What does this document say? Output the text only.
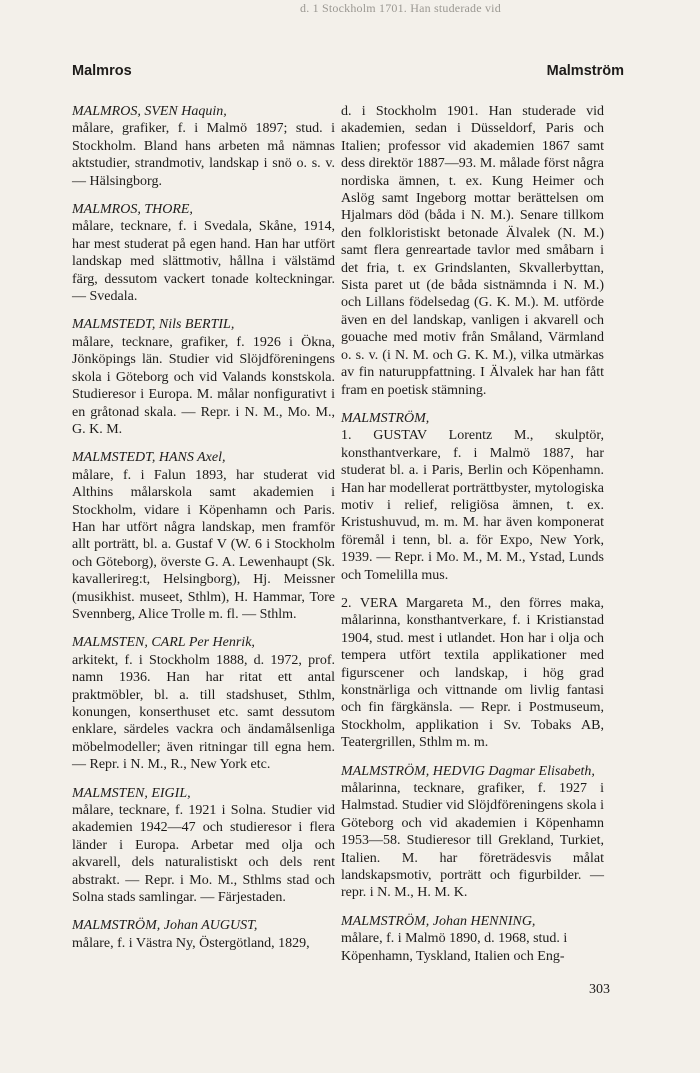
d. 1 Stockholm 1701. Han studerade vid
Malmros	Malmström
MALMROS, SVEN Haquin,
målare, grafiker, f. i Malmö 1897; stud. i Stockholm. Bland hans arbeten må nämnas aktstudier, strandmotiv, landskap i snö o. s. v. — Hälsingborg.
MALMROS, THORE,
målare, tecknare, f. i Svedala, Skåne, 1914, har mest studerat på egen hand. Han har utfört landskap med slättmotiv, hållna i välstämd färg, dessutom vackert tonade kolteckningar. — Svedala.
MALMSTEDT, Nils BERTIL,
målare, tecknare, grafiker, f. 1926 i Ökna, Jönköpings län. Studier vid Slöjdföreningens skola i Göteborg och vid Valands konstskola. Studieresor i Europa. M. målar nonfigurativt i en gråtonad skala. — Repr. i N. M., Mo. M., G. K. M.
MALMSTEDT, HANS Axel,
målare, f. i Falun 1893, har studerat vid Althins målarskola samt akademien i Stockholm, vidare i Köpenhamn och Paris. Han har utfört några landskap, men framför allt porträtt, bl. a. Gustaf V (W. 6 i Stockholm och Göteborg), överste G. A. Lewenhaupt (Sk. kavallerireg:t, Helsingborg), Hj. Meissner (musikhist. museet, Sthlm), H. Hammar, Tore Svennberg, Alice Trolle m. fl. — Sthlm.
MALMSTEN, CARL Per Henrik,
arkitekt, f. i Stockholm 1888, d. 1972, prof. namn 1936. Han har ritat ett antal praktmöbler, bl. a. till stadshuset, Sthlm, konungen, konserthuset etc. samt dessutom enklare, särdeles vackra och ändamålsenliga möbelmodeller; även ritningar till egna hem. — Repr. i N. M., R., New York etc.
MALMSTEN, EIGIL,
målare, tecknare, f. 1921 i Solna. Studier vid akademien 1942—47 och studieresor i flera länder i Europa. Arbetar med olja och akvarell, dels naturalistiskt och dels rent abstrakt. — Repr. i Mo. M., Sthlms stad och Solna stads samlingar. — Färjestaden.
MALMSTRÖM, Johan AUGUST,
målare, f. i Västra Ny, Östergötland, 1829,
d. i Stockholm 1901. Han studerade vid akademien, sedan i Düsseldorf, Paris och Italien; professor vid akademien 1867 samt dess direktör 1887—93. M. målade först några nordiska ämnen, t. ex. Kung Heimer och Aslög samt Ingeborg mottar berättelsen om Hjalmars död (båda i N. M.). Senare tillkom den folkloristiskt betonade Älvalek (N. M.) samt flera genreartade tavlor med småbarn i det fria, t. ex Grindslanten, Skvallerbyttan, Sista paret ut (de båda sistnämnda i N. M.) och Lillans födelsedag (G. K. M.). M. utförde även en del landskap, vanligen i akvarell och gouache med motiv från Småland, Värmland o. s. v. (i N. M. och G. K. M.), vilka utmärkas av fin naturuppfattning. I Älvalek har han fått fram en poetisk stämning.
MALMSTRÖM,
1. GUSTAV Lorentz M., skulptör, konsthantverkare, f. i Malmö 1887, har studerat bl. a. i Paris, Berlin och Köpenhamn. Han har modellerat porträttbyster, mytologiska motiv i relief, religiösa ämnen, t. ex. Kristushuvud, m. m. M. har även komponerat föremål i tenn, bl. a. för Expo, New York, 1939. — Repr. i Mo. M., M. M., Ystad, Lunds och Tomelilla mus.
2. VERA Margareta M., den förres maka, målarinna, konsthantverkare, f. i Kristianstad 1904, stud. mest i utlandet. Hon har i olja och tempera utfört textila applikationer med figurscener och landskap, i hög grad konstnärliga och vittnande om livlig fantasi och fin färgkänsla. — Repr. i Postmuseum, Stockholm, applikation i Sv. Tobaks AB, Teatergrillen, Sthlm m. m.
MALMSTRÖM, HEDVIG Dagmar Elisabeth,
målarinna, tecknare, grafiker, f. 1927 i Halmstad. Studier vid Slöjdföreningens skola i Göteborg och vid akademien i Köpenhamn 1953—58. Studieresor till Grekland, Turkiet, Italien. M. har företrädesvis målat landskapsmotiv, porträtt och figurbilder. — repr. i N. M., H. M. K.
MALMSTRÖM, Johan HENNING,
målare, f. i Malmö 1890, d. 1968, stud. i Köpenhamn, Tyskland, Italien och Eng-
303
